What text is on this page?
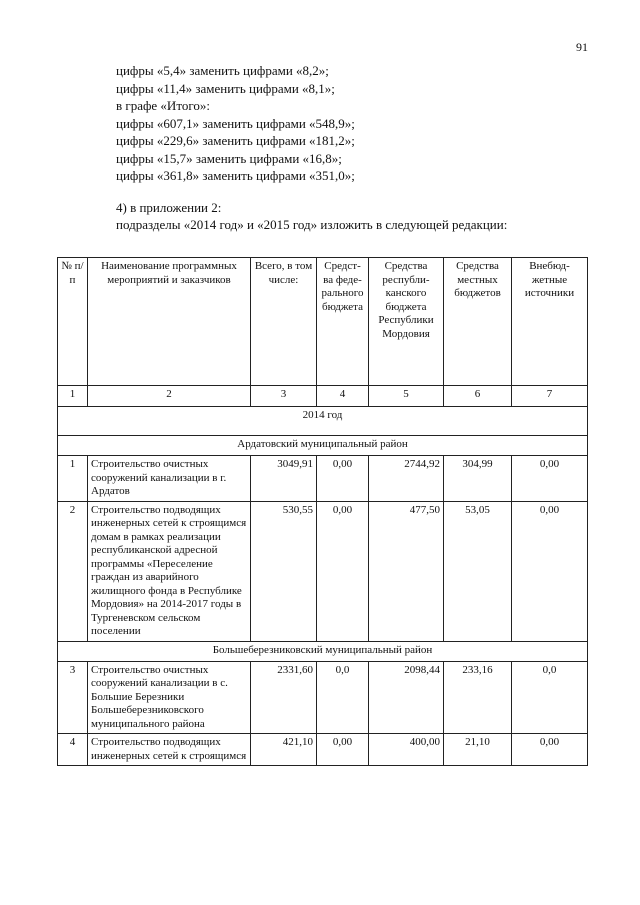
91
цифры «5,4» заменить цифрами «8,2»;
цифры «11,4» заменить цифрами «8,1»;
в графе «Итого»:
цифры «607,1» заменить цифрами «548,9»;
цифры «229,6» заменить цифрами «181,2»;
цифры «15,7» заменить цифрами «16,8»;
цифры «361,8» заменить цифрами «351,0»;
4) в приложении 2:
подразделы «2014 год» и «2015 год» изложить в следующей редакции:
№ п/п	Наименование программных мероприятий и заказчиков	Всего, в том числе:	Средст-ва феде-рального бюджета	Средства республи-канского бюджета Республики Мордовия	Средства местных бюджетов	Внебюд-жетные источники
1	2	3	4	5	6	7
2014 год						
Ардатовский муниципальный район						
1	Строительство очистных сооружений канализации в г. Ардатов	3049,91	0,00	2744,92	304,99	0,00
2	Строительство подводящих инженерных сетей к строящимся домам в рамках реализации республиканской адресной программы «Переселение граждан из аварийного жилищного фонда в Республике Мордовия» на 2014-2017 годы в Тургеневском сельском поселении	530,55	0,00	477,50	53,05	0,00
Большеберезниковский муниципальный район						
3	Строительство очистных сооружений канализации в с. Большие Березники Большеберезниковского муниципального района	2331,60	0,0	2098,44	233,16	0,0
4	Строительство подводящих инженерных сетей к строящимся	421,10	0,00	400,00	21,10	0,00
